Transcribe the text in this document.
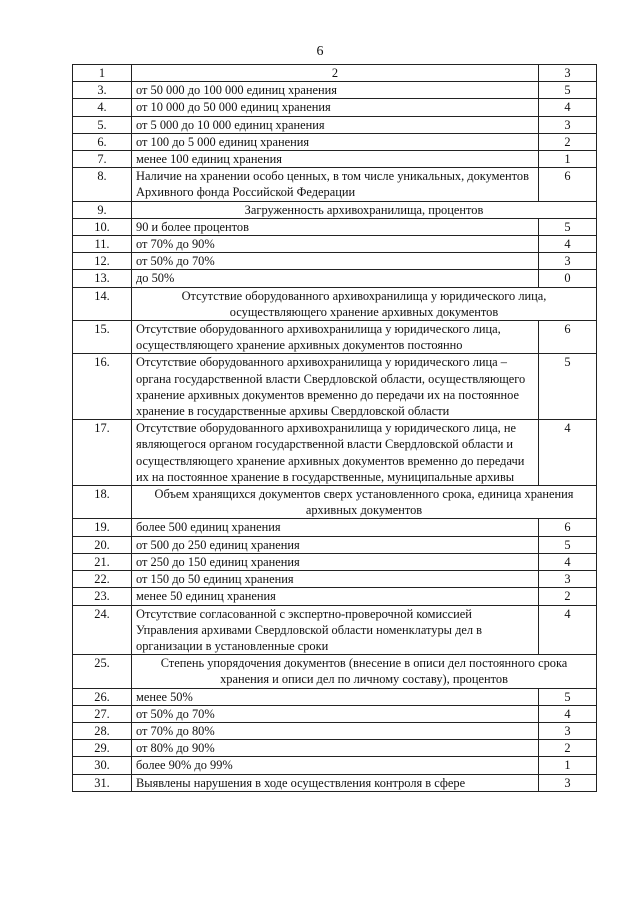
6
1	2	3
3.	от 50 000 до 100 000 единиц хранения	5
4.	от 10 000 до 50 000 единиц хранения	4
5.	от 5 000 до 10 000 единиц хранения	3
6.	от 100 до 5 000 единиц хранения	2
7.	менее 100 единиц хранения	1
8.	Наличие на хранении особо ценных, в том числе уникальных, документов Архивного фонда Российской Федерации	6
9.	Загруженность архивохранилища, процентов	
10.	90 и более процентов	5
11.	от 70% до 90%	4
12.	от 50% до 70%	3
13.	до 50%	0
14.	Отсутствие оборудованного архивохранилища у юридического лица, осуществляющего хранение архивных документов	
15.	Отсутствие оборудованного архивохранилища у юридического лица, осуществляющего хранение архивных документов постоянно	6
16.	Отсутствие оборудованного архивохранилища у юридического лица – органа государственной власти Свердловской области, осуществляющего хранение архивных документов временно до передачи их на постоянное хранение в государственные архивы Свердловской области	5
17.	Отсутствие оборудованного архивохранилища у юридического лица, не являющегося органом государственной власти Свердловской области и осуществляющего хранение архивных документов временно до передачи их на постоянное хранение в государственные, муниципальные архивы	4
18.	Объем хранящихся документов сверх установленного срока, единица хранения архивных документов	
19.	более 500 единиц хранения	6
20.	от 500 до 250 единиц хранения	5
21.	от 250 до 150 единиц хранения	4
22.	от 150 до 50 единиц хранения	3
23.	менее 50 единиц хранения	2
24.	Отсутствие согласованной с экспертно-проверочной комиссией Управления архивами Свердловской области номенклатуры дел в организации в установленные сроки	4
25.	Степень упорядочения документов (внесение в описи дел постоянного срока хранения и описи дел по личному составу), процентов	
26.	менее 50%	5
27.	от 50% до 70%	4
28.	от 70% до 80%	3
29.	от 80% до 90%	2
30.	более 90% до 99%	1
31.	Выявлены нарушения в ходе осуществления контроля в сфере	3
